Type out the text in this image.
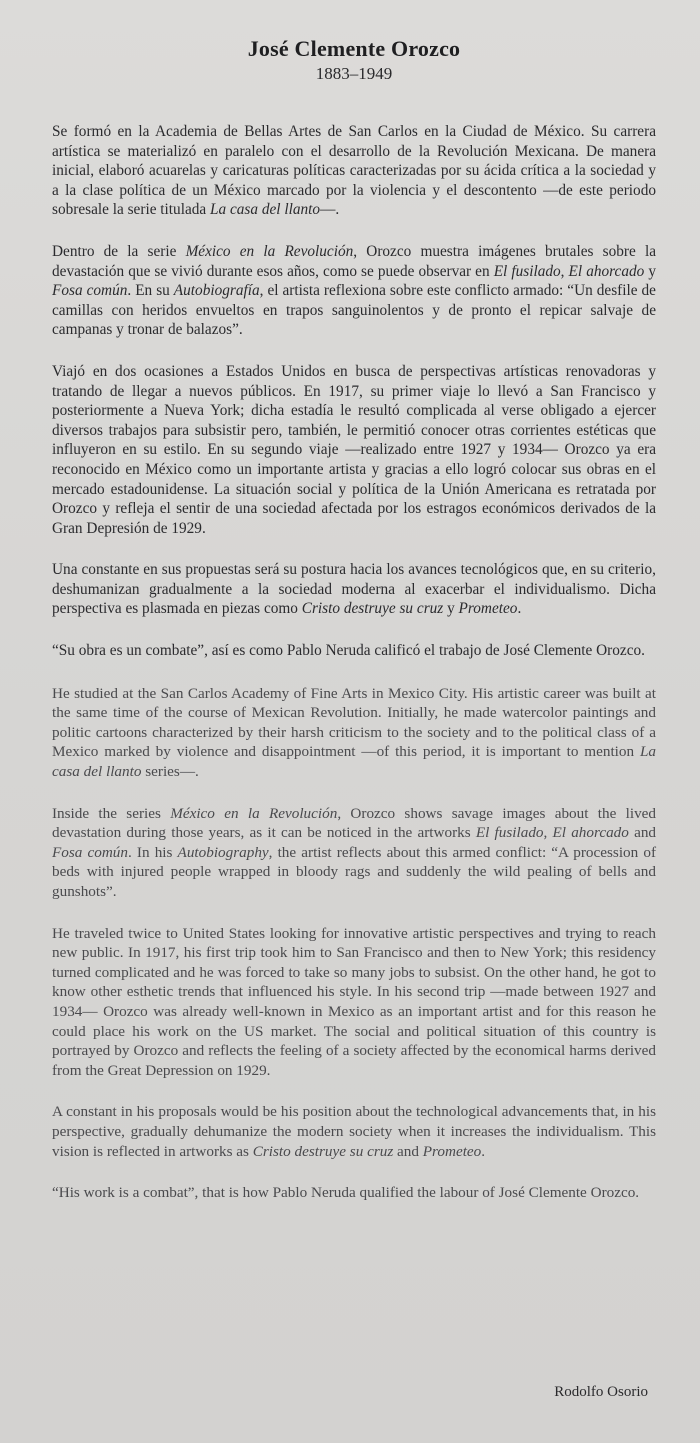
José Clemente Orozco
1883–1949

Se formó en la Academia de Bellas Artes de San Carlos en la Ciudad de México. Su carrera artística se materializó en paralelo con el desarrollo de la Revolución Mexicana. De manera inicial, elaboró acuarelas y caricaturas políticas caracterizadas por su ácida crítica a la sociedad y a la clase política de un México marcado por la violencia y el descontento —de este periodo sobresale la serie titulada La casa del llanto—.

Dentro de la serie México en la Revolución, Orozco muestra imágenes brutales sobre la devastación que se vivió durante esos años, como se puede observar en El fusilado, El ahorcado y Fosa común. En su Autobiografía, el artista reflexiona sobre este conflicto armado: “Un desfile de camillas con heridos envueltos en trapos sanguinolentos y de pronto el repicar salvaje de campanas y tronar de balazos”.

Viajó en dos ocasiones a Estados Unidos en busca de perspectivas artísticas renovadoras y tratando de llegar a nuevos públicos. En 1917, su primer viaje lo llevó a San Francisco y posteriormente a Nueva York; dicha estadía le resultó complicada al verse obligado a ejercer diversos trabajos para subsistir pero, también, le permitió conocer otras corrientes estéticas que influyeron en su estilo. En su segundo viaje —realizado entre 1927 y 1934— Orozco ya era reconocido en México como un importante artista y gracias a ello logró colocar sus obras en el mercado estadounidense. La situación social y política de la Unión Americana es retratada por Orozco y refleja el sentir de una sociedad afectada por los estragos económicos derivados de la Gran Depresión de 1929.

Una constante en sus propuestas será su postura hacia los avances tecnológicos que, en su criterio, deshumanizan gradualmente a la sociedad moderna al exacerbar el individualismo. Dicha perspectiva es plasmada en piezas como Cristo destruye su cruz y Prometeo.

“Su obra es un combate”, así es como Pablo Neruda calificó el trabajo de José Clemente Orozco.

He studied at the San Carlos Academy of Fine Arts in Mexico City. His artistic career was built at the same time of the course of Mexican Revolution. Initially, he made watercolor paintings and politic cartoons characterized by their harsh criticism to the society and to the political class of a Mexico marked by violence and disappointment —of this period, it is important to mention La casa del llanto series—.

Inside the series México en la Revolución, Orozco shows savage images about the lived devastation during those years, as it can be noticed in the artworks El fusilado, El ahorcado and Fosa común. In his Autobiography, the artist reflects about this armed conflict: “A procession of beds with injured people wrapped in bloody rags and suddenly the wild pealing of bells and gunshots”.

He traveled twice to United States looking for innovative artistic perspectives and trying to reach new public. In 1917, his first trip took him to San Francisco and then to New York; this residency turned complicated and he was forced to take so many jobs to subsist. On the other hand, he got to know other esthetic trends that influenced his style. In his second trip —made between 1927 and 1934— Orozco was already well-known in Mexico as an important artist and for this reason he could place his work on the US market. The social and political situation of this country is portrayed by Orozco and reflects the feeling of a society affected by the economical harms derived from the Great Depression on 1929.

A constant in his proposals would be his position about the technological advancements that, in his perspective, gradually dehumanize the modern society when it increases the individualism. This vision is reflected in artworks as Cristo destruye su cruz and Prometeo.

“His work is a combat”, that is how Pablo Neruda qualified the labour of José Clemente Orozco.

Rodolfo Osorio
